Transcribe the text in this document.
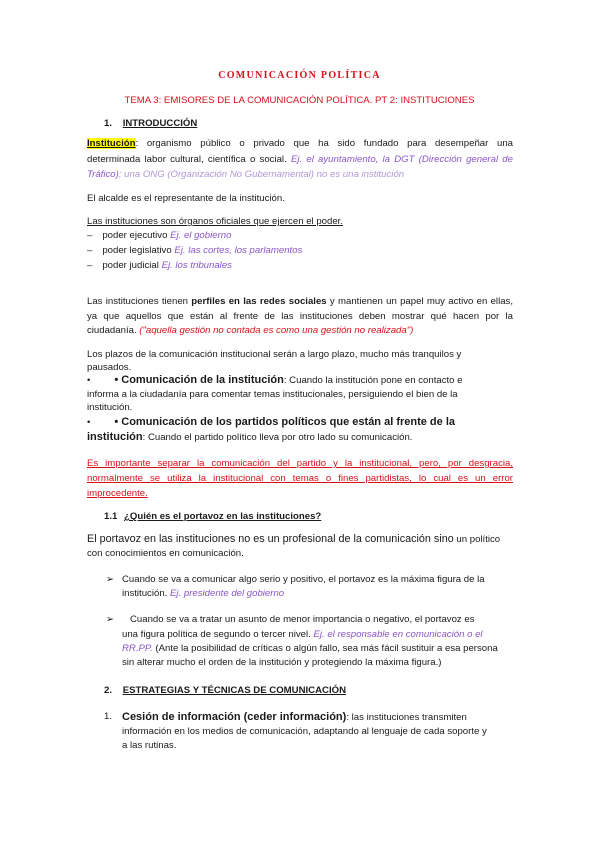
COMUNICACIÓN POLÍTICA
TEMA 3: EMISORES DE LA COMUNICACIÓN POLÍTICA. PT 2: INSTITUCIONES
1. INTRODUCCIÓN
Institución: organismo público o privado que ha sido fundado para desempeñar una
determinada labor cultural, científica o social. Ej. el ayuntamiento, la DGT (Dirección general de
Tráfico); una ONG (Organización No Gubernamental) no es una institución
El alcalde es el representante de la institución.
Las instituciones son órganos oficiales que ejercen el poder.
– poder ejecutivo Ej. el gobierno
– poder legislativo Ej. las cortes, los parlamentos
– poder judicial Ej. los tribunales
Las instituciones tienen perfiles en las redes sociales y mantienen un papel muy activo en ellas,
ya que aquellos que están al frente de las instituciones deben mostrar qué hacen por la
ciudadanía. ("aquella gestión no contada es como una gestión no realizada")
Los plazos de la comunicación institucional serán a largo plazo, mucho más tranquilos y
pausados.
• • Comunicación de la institución: Cuando la institución pone en contacto e
informa a la ciudadanía para comentar temas institucionales, persiguiendo el bien de la
institución.
• • Comunicación de los partidos políticos que están al frente de la
institución: Cuando el partido político lleva por otro lado su comunicación.
Es importante separar la comunicación del partido y la institucional, pero, por desgracia,
normalmente se utiliza la institucional con temas o fines partidistas, lo cual es un error
improcedente.
1.1 ¿Quién es el portavoz en las instituciones?
El portavoz en las instituciones no es un profesional de la comunicación sino un político
con conocimientos en comunicación.
➢ Cuando se va a comunicar algo serio y positivo, el portavoz es la máxima figura de la
institución. Ej. presidente del gobierno
➢ Cuando se va a tratar un asunto de menor importancia o negativo, el portavoz es
una figura política de segundo o tercer nivel. Ej. el responsable en comunicación o el
RR.PP. (Ante la posibilidad de críticas o algún fallo, sea más fácil sustituir a esa persona
sin alterar mucho el orden de la institución y protegiendo la máxima figura.)
2. ESTRATEGIAS Y TÉCNICAS DE COMUNICACIÓN
1. Cesión de información (ceder información): las instituciones transmiten
información en los medios de comunicación, adaptando al lenguaje de cada soporte y
a las rutinas.
